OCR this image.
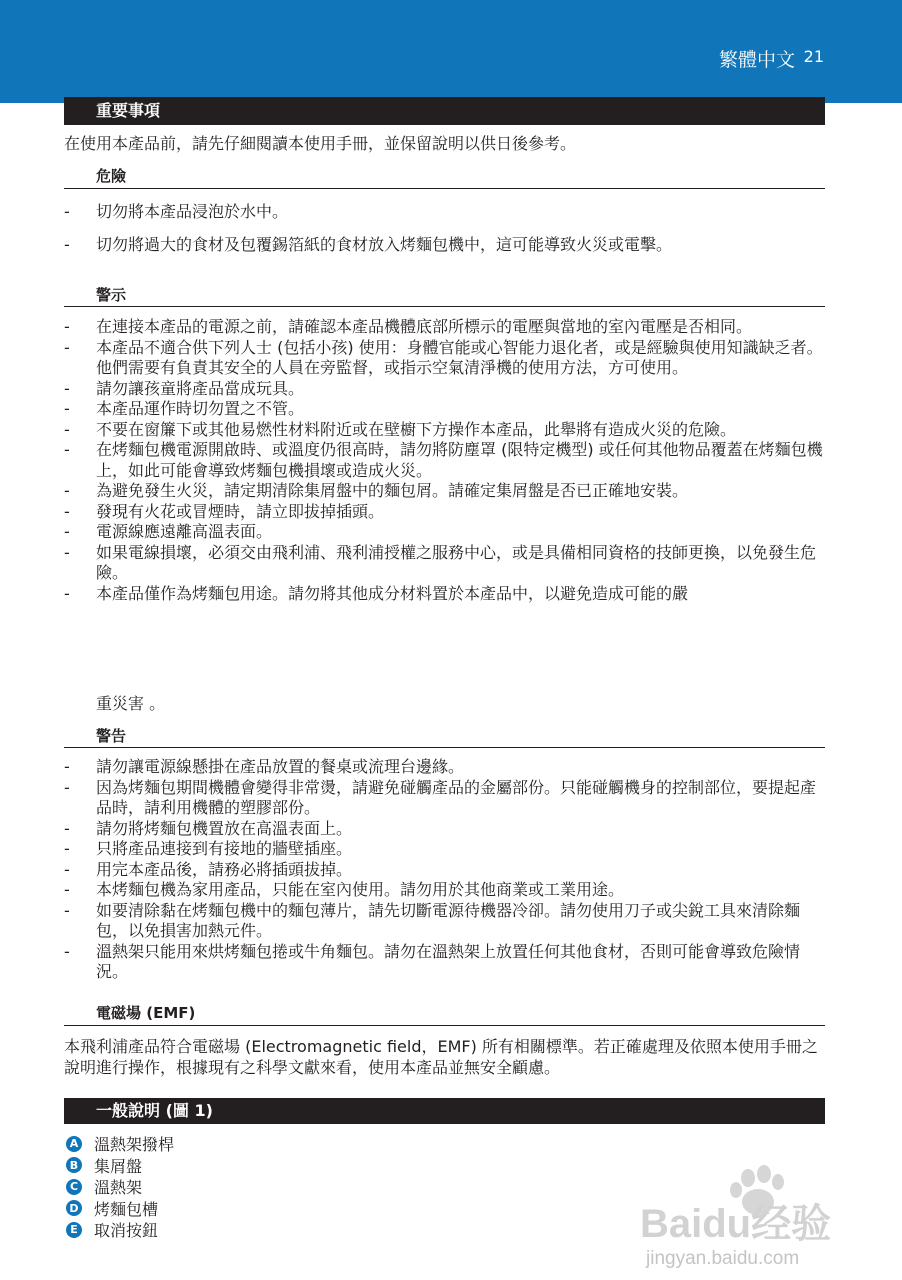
繁體中文 21
重要事項
在使用本產品前，請先仔細閱讀本使用手冊，並保留說明以供日後參考。
危險
- 切勿將本產品浸泡於水中。
- 切勿將過大的食材及包覆錫箔紙的食材放入烤麵包機中，這可能導致火災或電擊。
警示
- 在連接本產品的電源之前，請確認本產品機體底部所標示的電壓與當地的室內電壓是否相同。
- 本產品不適合供下列人士 (包括小孩) 使用：身體官能或心智能力退化者，或是經驗與使用知識缺乏者。他們需要有負責其安全的人員在旁監督，或指示空氣清淨機的使用方法，方可使用。
- 請勿讓孩童將產品當成玩具。
- 本產品運作時切勿置之不管。
- 不要在窗簾下或其他易燃性材料附近或在壁櫥下方操作本產品，此舉將有造成火災的危險。
- 在烤麵包機電源開啟時、或溫度仍很高時，請勿將防塵罩 (限特定機型) 或任何其他物品覆蓋在烤麵包機上，如此可能會導致烤麵包機損壞或造成火災。
- 為避免發生火災，請定期清除集屑盤中的麵包屑。請確定集屑盤是否已正確地安裝。
- 發現有火花或冒煙時，請立即拔掉插頭。
- 電源線應遠離高溫表面。
- 如果電線損壞，必須交由飛利浦、飛利浦授權之服務中心，或是具備相同資格的技師更換，以免發生危險。
- 本產品僅作為烤麵包用途。請勿將其他成分材料置於本產品中，以避免造成可能的嚴
重災害 。
警告
- 請勿讓電源線懸掛在產品放置的餐桌或流理台邊緣。
- 因為烤麵包期間機體會變得非常燙，請避免碰觸產品的金屬部份。只能碰觸機身的控制部位，要提起產品時，請利用機體的塑膠部份。
- 請勿將烤麵包機置放在高溫表面上。
- 只將產品連接到有接地的牆壁插座。
- 用完本產品後，請務必將插頭拔掉。
- 本烤麵包機為家用產品，只能在室內使用。請勿用於其他商業或工業用途。
- 如要清除黏在烤麵包機中的麵包薄片，請先切斷電源待機器冷卻。請勿使用刀子或尖銳工具來清除麵包，以免損害加熱元件。
- 溫熱架只能用來烘烤麵包捲或牛角麵包。請勿在溫熱架上放置任何其他食材，否則可能會導致危險情況。
電磁場 (EMF)
本飛利浦產品符合電磁場 (Electromagnetic field，EMF) 所有相關標準。若正確處理及依照本使用手冊之說明進行操作，根據現有之科學文獻來看，使用本產品並無安全顧慮。
一般說明 (圖 1)
A 溫熱架撥桿
B 集屑盤
C 溫熱架
D 烤麵包槽
E 取消按鈕	Baidu经验
jingyan.baidu.com
